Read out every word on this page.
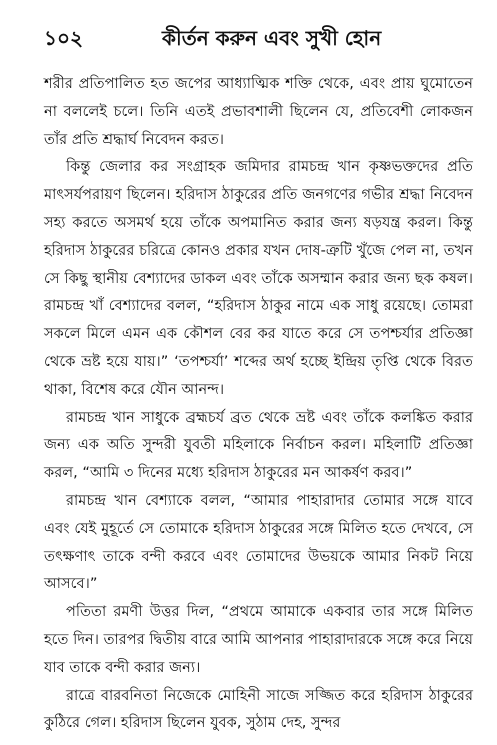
১০২	কীর্তন করুন এবং সুখী হোন

শরীর প্রতিপালিত হত জপের আধ্যাত্মিক শক্তি থেকে, এবং প্রায় ঘুমোতেন না বললেই চলে। তিনি এতই প্রভাবশালী ছিলেন যে, প্রতিবেশী লোকজন তাঁর প্রতি শ্রদ্ধার্ঘ নিবেদন করত।

কিন্তু জেলার কর সংগ্রাহক জমিদার রামচন্দ্র খান কৃষ্ণভক্তদের প্রতি মাৎসর্যপরায়ণ ছিলেন। হরিদাস ঠাকুরের প্রতি জনগণের গভীর শ্রদ্ধা নিবেদন সহ্য করতে অসমর্থ হয়ে তাঁকে অপমানিত করার জন্য ষড়যন্ত্র করল। কিন্তু হরিদাস ঠাকুরের চরিত্রে কোনও প্রকার যখন দোষ-ত্রুটি খুঁজে পেল না, তখন সে কিছু স্থানীয় বেশ্যাদের ডাকল এবং তাঁকে অসম্মান করার জন্য ছক কষল। রামচন্দ্র খাঁ বেশ্যাদের বলল, “হরিদাস ঠাকুর নামে এক সাধু রয়েছে। তোমরা সকলে মিলে এমন এক কৌশল বের কর যাতে করে সে তপশ্চর্যার প্রতিজ্ঞা থেকে ভ্রষ্ট হয়ে যায়।” ‘তপশ্চর্যা’ শব্দের অর্থ হচ্ছে ইন্দ্রিয় তৃপ্তি থেকে বিরত থাকা, বিশেষ করে যৌন আনন্দ।

রামচন্দ্র খান সাধুকে ব্রহ্মচর্য ব্রত থেকে ভ্রষ্ট এবং তাঁকে কলঙ্কিত করার জন্য এক অতি সুন্দরী যুবতী মহিলাকে নির্বাচন করল। মহিলাটি প্রতিজ্ঞা করল, “আমি ৩ দিনের মধ্যে হরিদাস ঠাকুরের মন আকর্ষণ করব।”

রামচন্দ্র খান বেশ্যাকে বলল, “আমার পাহারাদার তোমার সঙ্গে যাবে এবং যেই মুহূর্তে সে তোমাকে হরিদাস ঠাকুরের সঙ্গে মিলিত হতে দেখবে, সে তৎক্ষণাৎ তাকে বন্দী করবে এবং তোমাদের উভয়কে আমার নিকট নিয়ে আসবে।”

পতিতা রমণী উত্তর দিল, “প্রথমে আমাকে একবার তার সঙ্গে মিলিত হতে দিন। তারপর দ্বিতীয় বারে আমি আপনার পাহারাদারকে সঙ্গে করে নিয়ে যাব তাকে বন্দী করার জন্য।

রাত্রে বারবনিতা নিজেকে মোহিনী সাজে সজ্জিত করে হরিদাস ঠাকুরের কুঠিরে গেল। হরিদাস ছিলেন যুবক, সুঠাম দেহ, সুন্দর
